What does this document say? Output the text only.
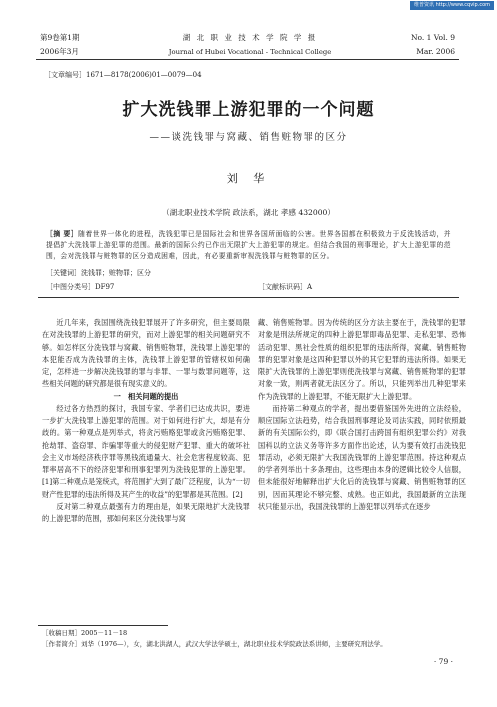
维普资讯 http://www.cqvip.com
第9卷第1期
2006年3月
湖 北 职 业 技 术 学 院 学 报
Journal of Hubei Vocational - Technical College
No. 1 Vol. 9
Mar. 2006
［文章编号］1671—8178(2006)01—0079—04
扩大洗钱罪上游犯罪的一个问题
——谈洗钱罪与窝藏、销售赃物罪的区分
刘 华
（湖北职业技术学院 政法系，湖北 孝感 432000）
［摘 要］随着世界一体化的进程，洗钱犯罪已是国际社会和世界各国所面临的公害。世界各国都在积极致力于反洗钱活动，并提倡扩大洗钱罪上游犯罪的范围。最新的国际公约已作出无限扩大上游犯罪的规定。但结合我国的刑事理论，扩大上游犯罪的范围，会对洗钱罪与赃物罪的区分造成困难，因此，有必要重新审视洗钱罪与赃物罪的区分。
［关键词］洗钱罪；赃物罪；区分
［中图分类号］DF97	［文献标识码］A

近几年来，我国围绕洗钱犯罪展开了许多研究，但主要局限在对洗钱罪的上游犯罪的研究，而对上游犯罪的相关问题研究不够。如怎样区分洗钱罪与窝藏、销售赃物罪，洗钱罪上游犯罪的本犯能否成为洗钱罪的主体，洗钱罪上游犯罪的管辖权如何确定，怎样进一步解决洗钱罪的罪与非罪、一罪与数罪问题等，这些相关问题的研究都是很有现实意义的。

一　相关问题的提出

经过各方热烈的探讨，我国专家、学者们已达成共识，要进一步扩大洗钱罪上游犯罪的范围。对于如何进行扩大，却是有分歧的。第一种观点是列举式，将贪污贿赂犯罪或贪污贿赂犯罪、抢劫罪、盗窃罪、诈骗罪等重大的侵犯财产犯罪、重大的破坏社会主义市场经济秩序罪等黑钱流通量大、社会危害程度较高、犯罪率居高不下的经济犯罪和刑事犯罪列为洗钱犯罪的上游犯罪。[1]第二种观点是笼统式，将范围扩大到了最广泛程度，认为“一切财产性犯罪的违法所得及其产生的收益”的犯罪都是其范围。[2]

反对第二种观点最强有力的理由是，如果无限地扩大洗钱罪的上游犯罪的范围，那如何来区分洗钱罪与窝

藏、销售赃物罪。因为传统的区分方法主要在于，洗钱罪的犯罪对象是刑法所规定的四种上游犯罪即毒品犯罪、走私犯罪、恐怖活动犯罪、黑社会性质的组织犯罪的违法所得，窝藏、销售赃物罪的犯罪对象是这四种犯罪以外的其它犯罪的违法所得。如果无限扩大洗钱罪的上游犯罪则使洗钱罪与窝藏、销售赃物罪的犯罪对象一致，则两者就无法区分了。所以，只能列举出几种犯罪来作为洗钱罪的上游犯罪，不能无限扩大上游犯罪。

而持第二种观点的学者，提出要借鉴国外先进的立法经验，顺应国际立法趋势，结合我国刑事理论及司法实践，同时依照最新的有关国际公约，即《联合国打击跨国有组织犯罪公约》对我国科以的立法义务等许多方面作出论述，认为要有效打击洗钱犯罪活动，必须无限扩大我国洗钱罪的上游犯罪范围。持这种观点的学者列举出十多条理由，这些理由本身的逻辑比较令人信服，但未能很好地解释出扩大化后的洗钱罪与窝藏、销售赃物罪的区别，因而其理论不够完整、成熟。也正如此，我国最新的立法现状只能显示出，我国洗钱罪的上游犯罪以列举式在逐步

［收稿日期］2005－11－18
［作者简介］刘华（1976—），女，湖北洪湖人，武汉大学法学硕士，湖北职业技术学院政法系讲师，主要研究刑法学。
· 79 ·
